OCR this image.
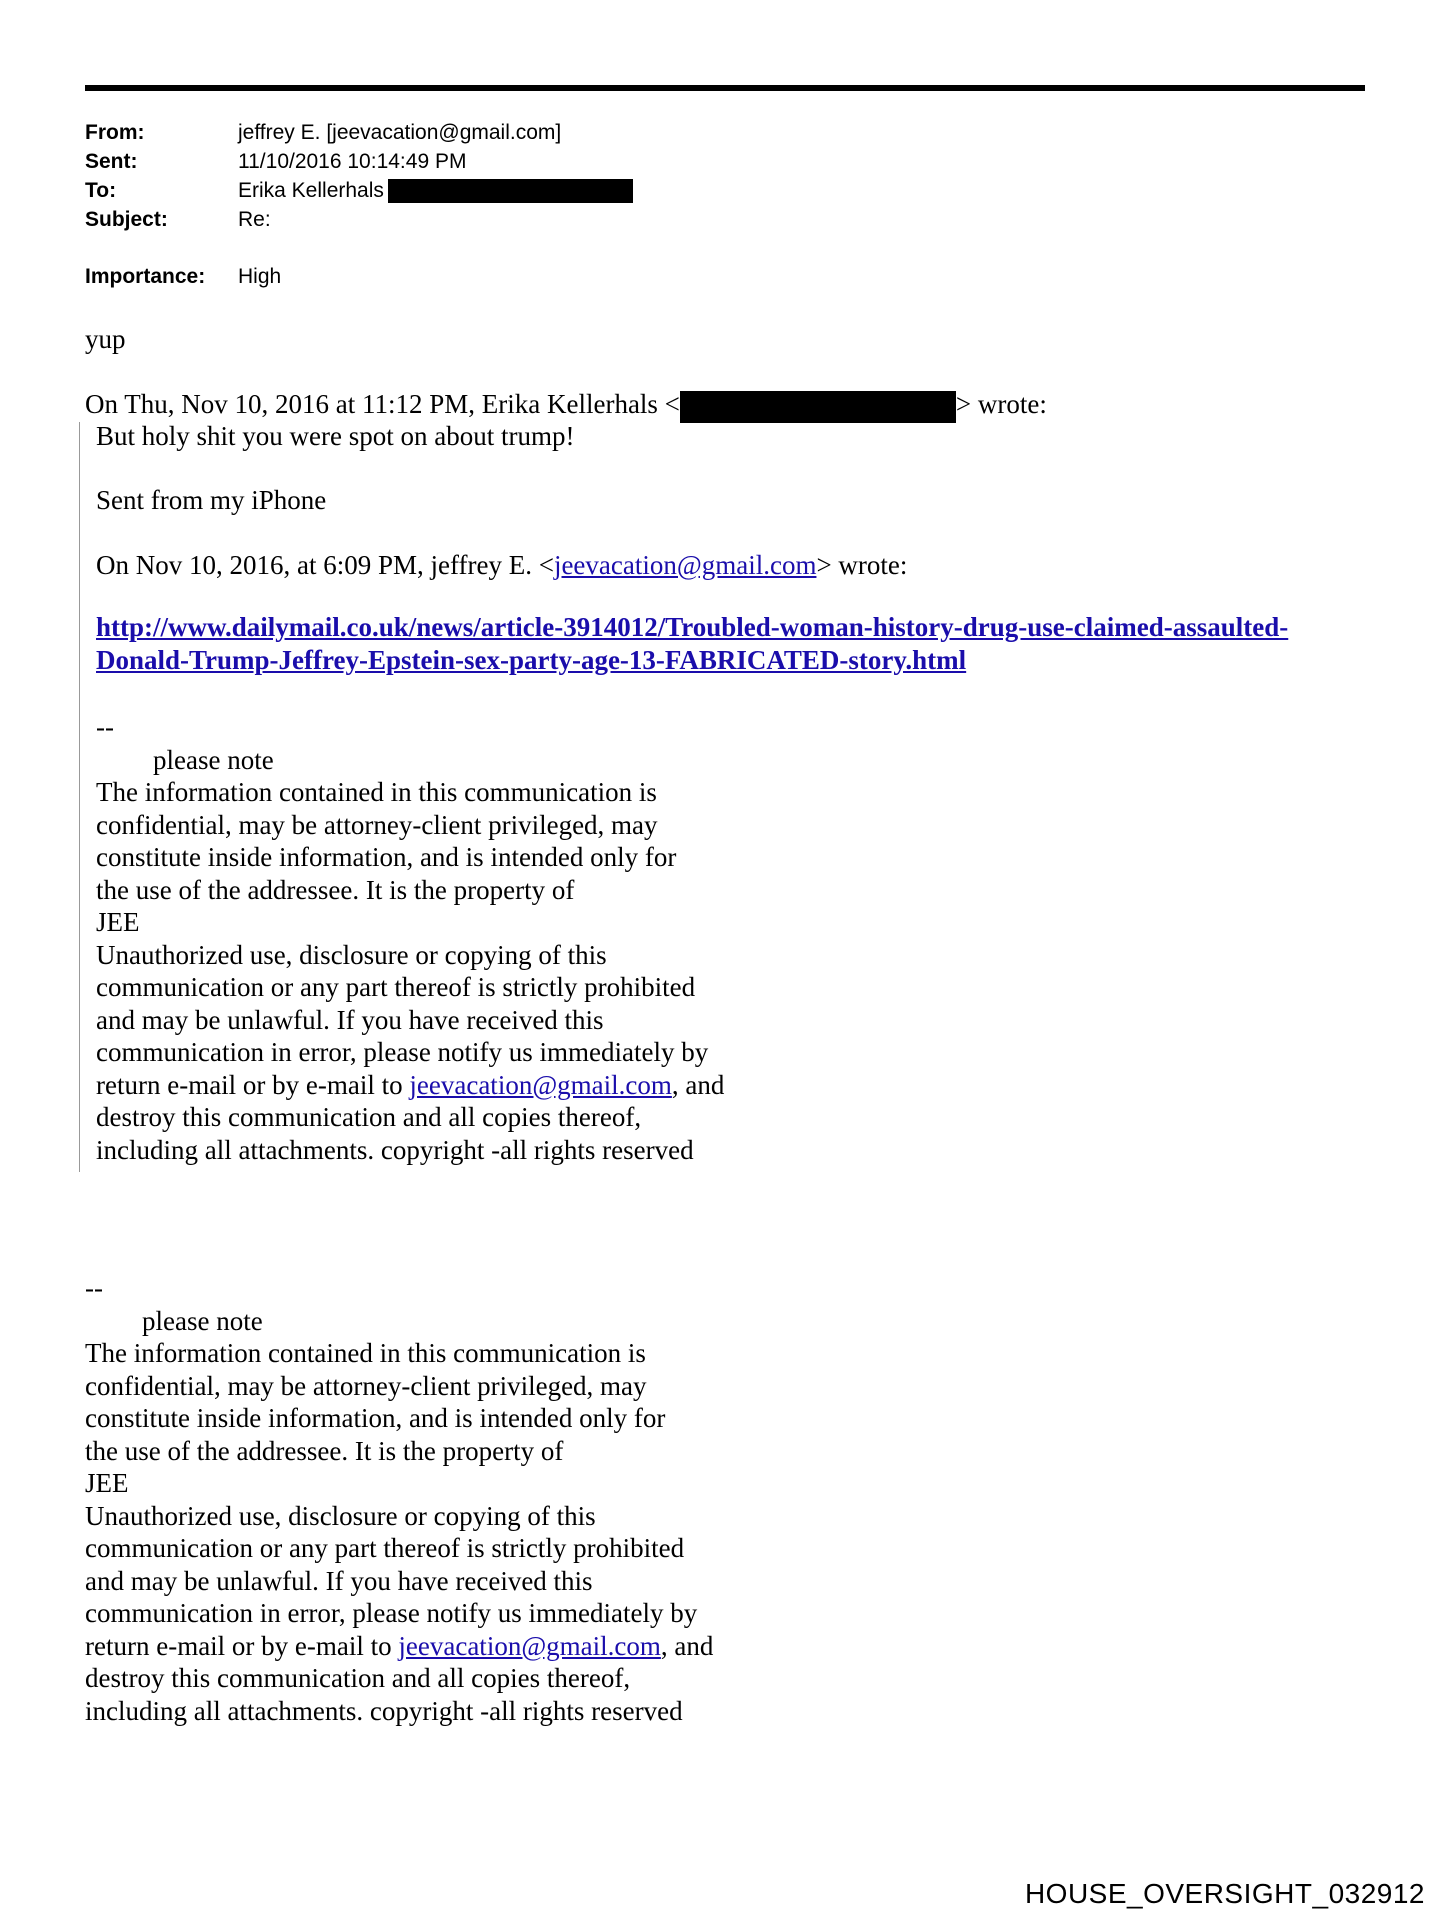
From:	jeffrey E. [jeevacation@gmail.com]
Sent:	11/10/2016 10:14:49 PM
To:	Erika Kellerhals
Subject:	Re:
Importance:	High
yup
On Thu, Nov 10, 2016 at 11:12 PM, Erika Kellerhals <	> wrote:
But holy shit you were spot on about trump!
Sent from my iPhone
On Nov 10, 2016, at 6:09 PM, jeffrey E. <jeevacation@gmail.com> wrote:
http://www.dailymail.co.uk/news/article-3914012/Troubled-woman-history-drug-use-claimed-assaulted-
Donald-Trump-Jeffrey-Epstein-sex-party-age-13-FABRICATED-story.html
--
please note
The information contained in this communication is
confidential, may be attorney-client privileged, may
constitute inside information, and is intended only for
the use of the addressee. It is the property of
JEE
Unauthorized use, disclosure or copying of this
communication or any part thereof is strictly prohibited
and may be unlawful. If you have received this
communication in error, please notify us immediately by
return e-mail or by e-mail to jeevacation@gmail.com, and
destroy this communication and all copies thereof,
including all attachments. copyright -all rights reserved
--
please note
The information contained in this communication is
confidential, may be attorney-client privileged, may
constitute inside information, and is intended only for
the use of the addressee. It is the property of
JEE
Unauthorized use, disclosure or copying of this
communication or any part thereof is strictly prohibited
and may be unlawful. If you have received this
communication in error, please notify us immediately by
return e-mail or by e-mail to jeevacation@gmail.com, and
destroy this communication and all copies thereof,
including all attachments. copyright -all rights reserved
HOUSE_OVERSIGHT_032912
